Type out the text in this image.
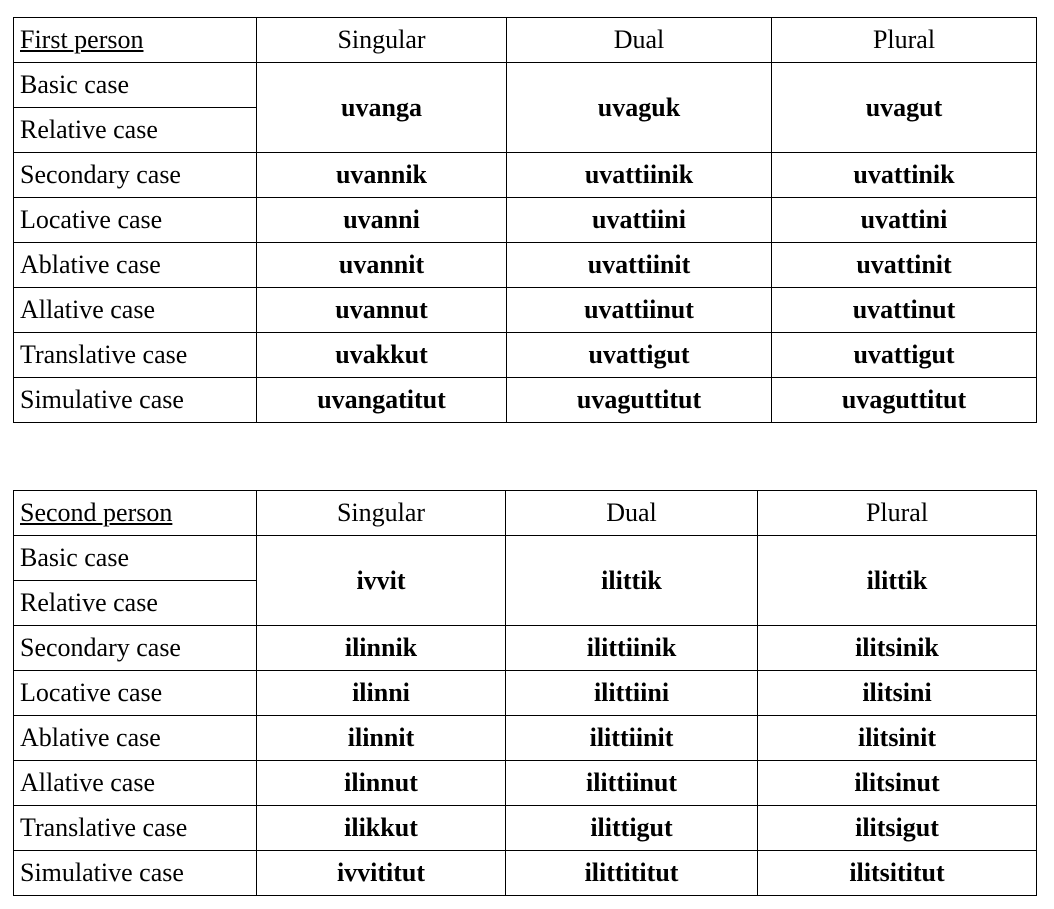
First person	Singular	Dual	Plural
Basic case	uvanga	uvaguk	uvagut
Relative case			
Secondary case	uvannik	uvattiinik	uvattinik
Locative case	uvanni	uvattiini	uvattini
Ablative case	uvannit	uvattiinit	uvattinit
Allative case	uvannut	uvattiinut	uvattinut
Translative case	uvakkut	uvattigut	uvattigut
Simulative case	uvangatitut	uvaguttitut	uvaguttitut
Second person	Singular	Dual	Plural
Basic case	ivvit	ilittik	ilittik
Relative case			
Secondary case	ilinnik	ilittiinik	ilitsinik
Locative case	ilinni	ilittiini	ilitsini
Ablative case	ilinnit	ilittiinit	ilitsinit
Allative case	ilinnut	ilittiinut	ilitsinut
Translative case	ilikkut	ilittigut	ilitsigut
Simulative case	ivvititut	ilittititut	ilitsititut
